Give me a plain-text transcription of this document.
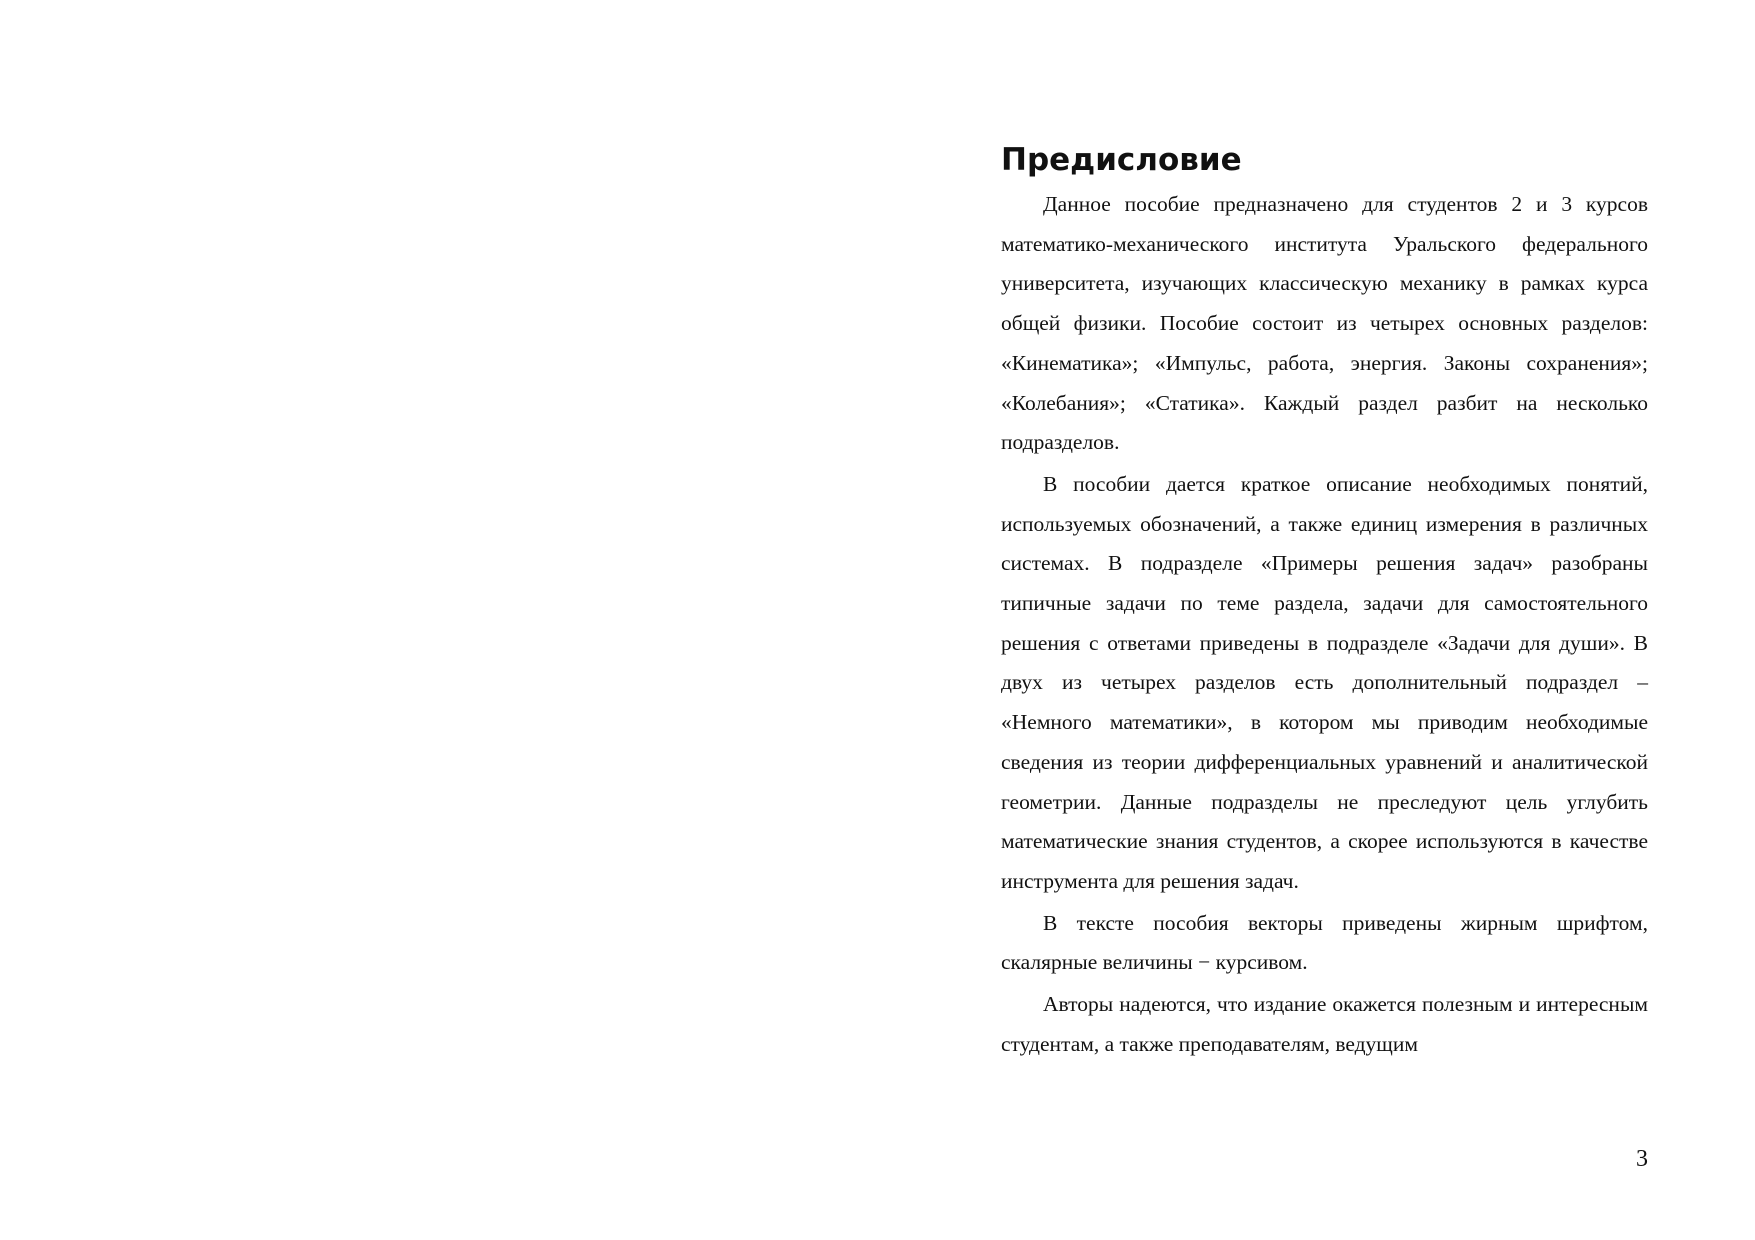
Предисловие

Данное пособие предназначено для студентов 2 и 3 курсов математико-механического института Уральского федерального университета, изучающих классическую механику в рамках курса общей физики. Пособие состоит из четырех основных разделов: «Кинематика»; «Импульс, работа, энергия. Законы сохранения»; «Колебания»; «Статика». Каждый раздел разбит на несколько подразделов.

В пособии дается краткое описание необходимых понятий, используемых обозначений, а также единиц измерения в различных системах. В подразделе «Примеры решения задач» разобраны типичные задачи по теме раздела, задачи для самостоятельного решения с ответами приведены в подразделе «Задачи для души». В двух из четырех разделов есть дополнительный подраздел – «Немного математики», в котором мы приводим необходимые сведения из теории дифференциальных уравнений и аналитической геометрии. Данные подразделы не преследуют цель углубить математические знания студентов, а скорее используются в качестве инструмента для решения задач.

В тексте пособия векторы приведены жирным шрифтом, скалярные величины − курсивом.

Авторы надеются, что издание окажется полезным и интересным студентам, а также преподавателям, ведущим

3
